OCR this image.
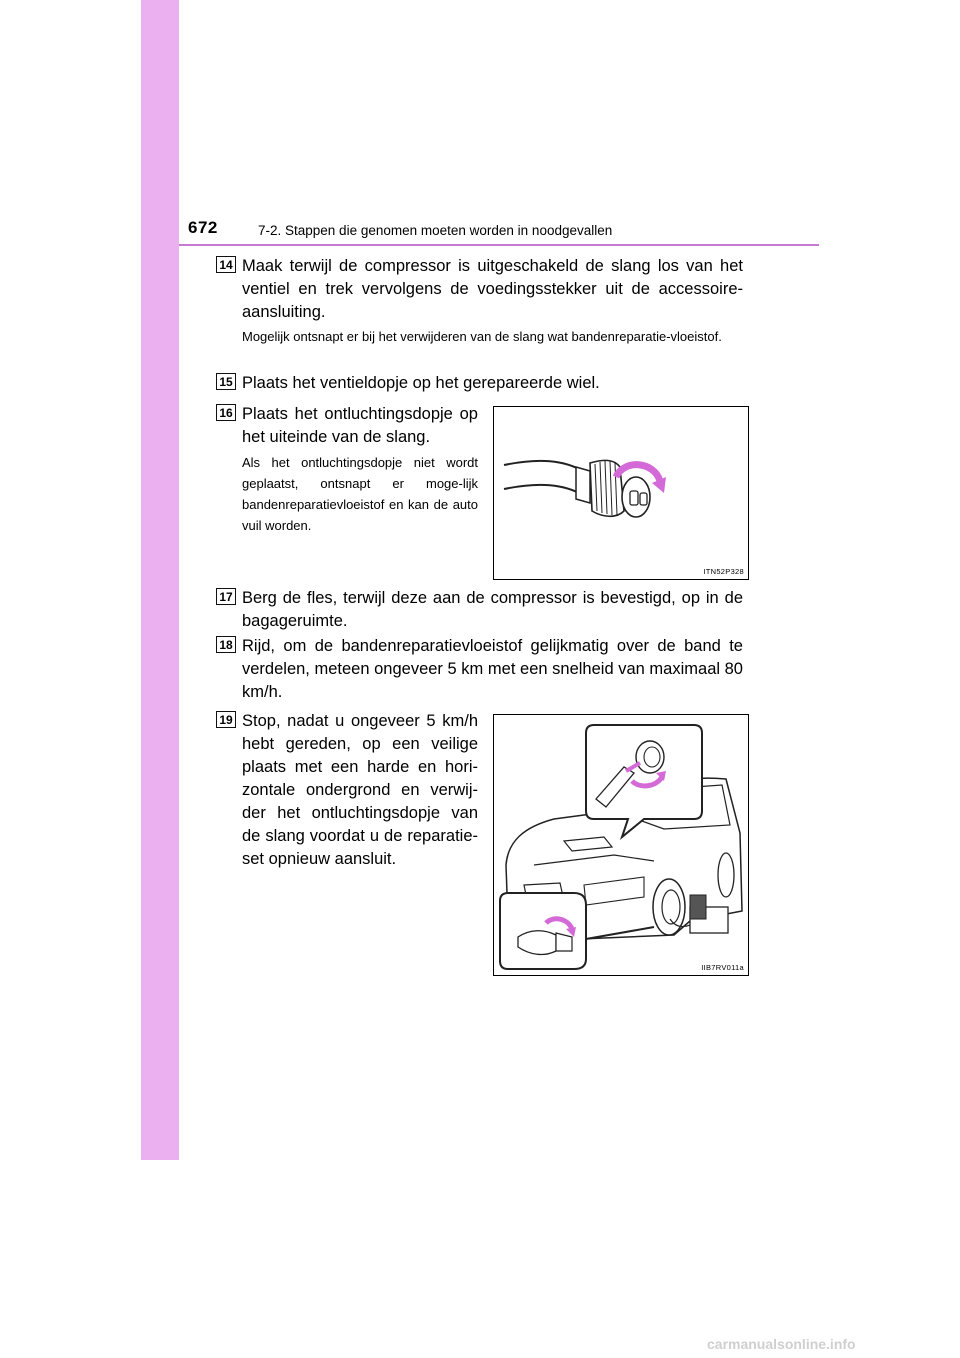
672	7-2. Stappen die genomen moeten worden in noodgevallen
14 Maak terwijl de compressor is uitgeschakeld de slang los van het ventiel en trek vervolgens de voedingsstekker uit de accessoire-aansluiting.
Mogelijk ontsnapt er bij het verwijderen van de slang wat bandenreparatie-vloeistof.
15 Plaats het ventieldopje op het gerepareerde wiel.
16 Plaats het ontluchtingsdopje op het uiteinde van de slang.
Als het ontluchtingsdopje niet wordt geplaatst, ontsnapt er moge-lijk bandenreparatievloeistof en kan de auto vuil worden.
ITN52P328
17 Berg de fles, terwijl deze aan de compressor is bevestigd, op in de bagageruimte.
18 Rijd, om de bandenreparatievloeistof gelijkmatig over de band te verdelen, meteen ongeveer 5 km met een snelheid van maximaal 80 km/h.
19 Stop, nadat u ongeveer 5 km/h hebt gereden, op een veilige plaats met een harde en hori-zontale ondergrond en verwij-der het ontluchtingsdopje van de slang voordat u de reparatie-set opnieuw aansluit.
IIB7RV011a
carmanualsonline.info
